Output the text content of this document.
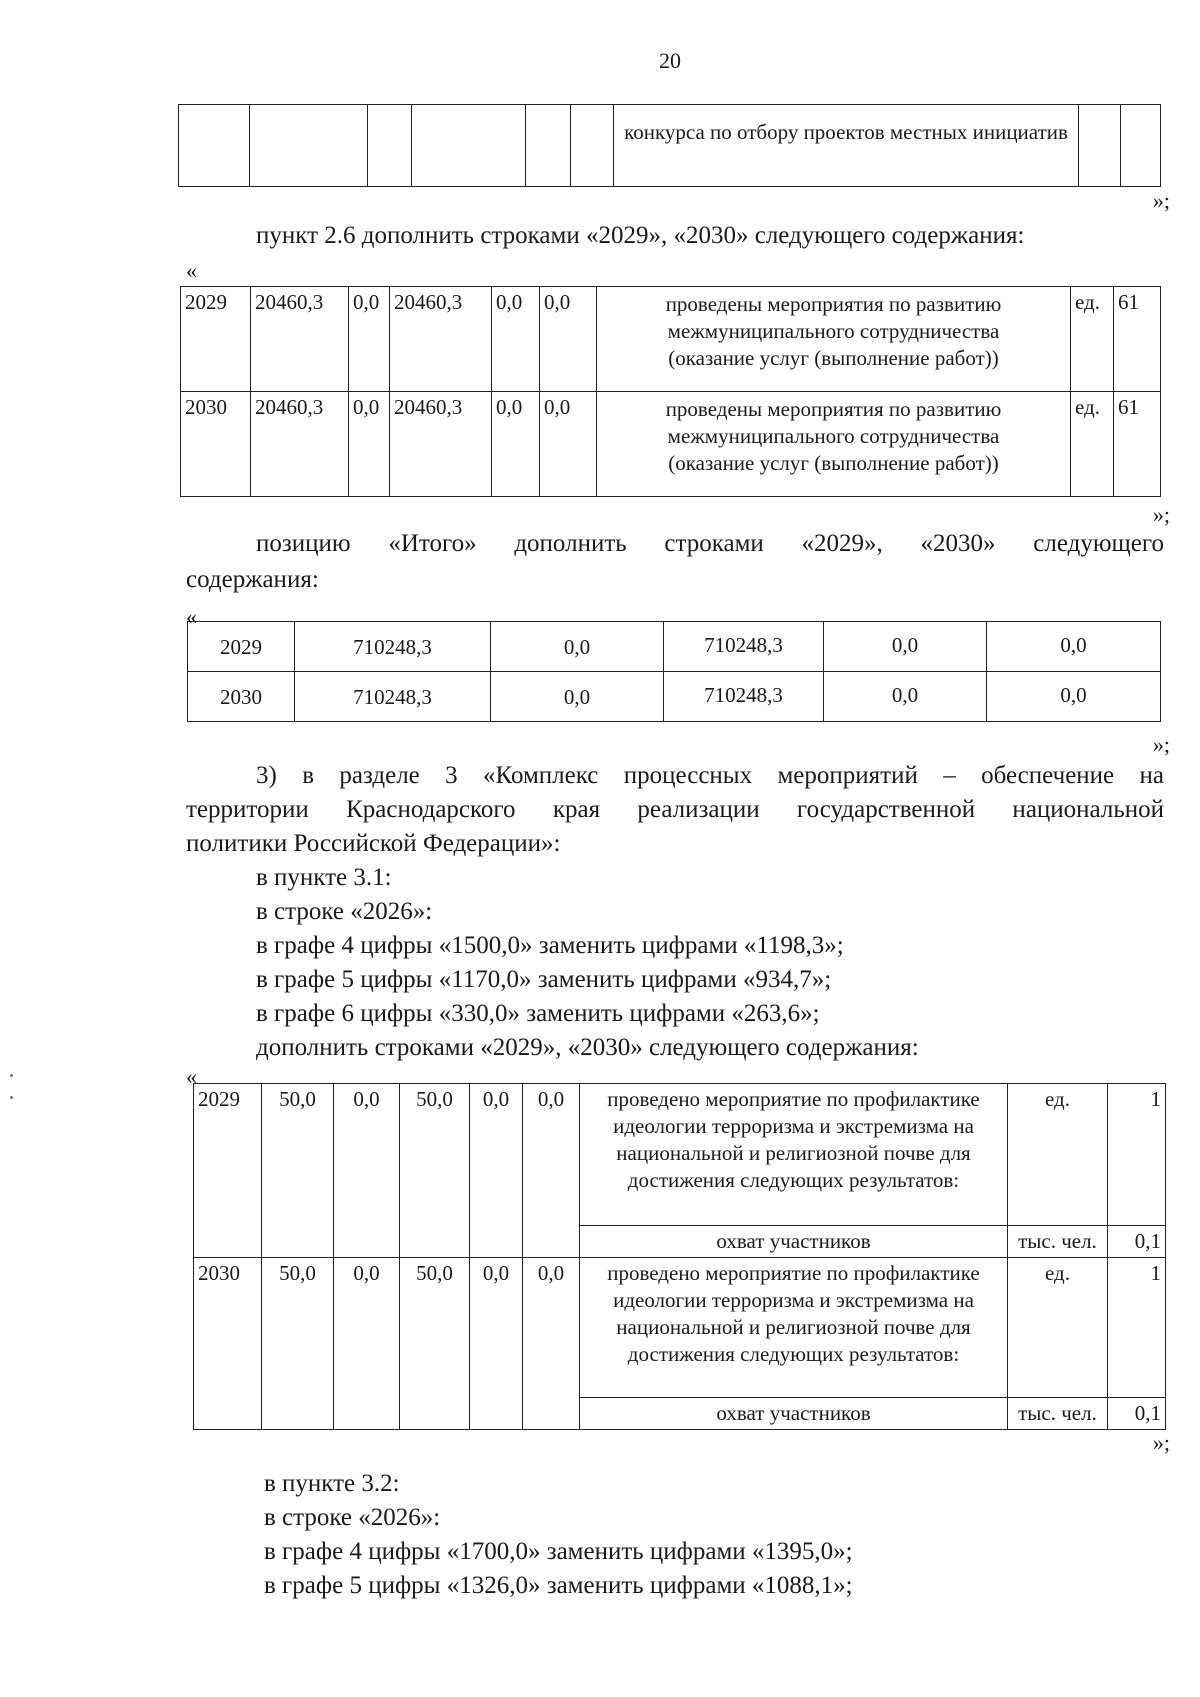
20
						конкурса по отбору проектов местных инициатив		
»;
пункт 2.6 дополнить строками «2029», «2030» следующего содержания:
«
2029	20460,3	0,0	20460,3	0,0	0,0	проведены мероприятия по развитию межмуниципального сотрудничества (оказание услуг (выполнение работ))	ед.	61
2030	20460,3	0,0	20460,3	0,0	0,0	проведены мероприятия по развитию межмуниципального сотрудничества (оказание услуг (выполнение работ))	ед.	61
»;
позицию «Итого» дополнить строками «2029», «2030» следующего
содержания:
«
2029	710248,3	0,0	710248,3	0,0	0,0
2030	710248,3	0,0	710248,3	0,0	0,0
»;
3) в разделе 3 «Комплекс процессных мероприятий – обеспечение на
территории Краснодарского края реализации государственной национальной
политики Российской Федерации»:
в пункте 3.1:
в строке «2026»:
в графе 4 цифры «1500,0» заменить цифрами «1198,3»;
в графе 5 цифры «1170,0» заменить цифрами «934,7»;
в графе 6 цифры «330,0» заменить цифрами «263,6»;
дополнить строками «2029», «2030» следующего содержания:
«
2029	50,0	0,0	50,0	0,0	0,0	проведено мероприятие по профилактике идеологии терроризма и экстремизма на национальной и религиозной почве для достижения следующих результатов:	ед.	1
						охват участников	тыс. чел.	0,1
2030	50,0	0,0	50,0	0,0	0,0	проведено мероприятие по профилактике идеологии терроризма и экстремизма на национальной и религиозной почве для достижения следующих результатов:	ед.	1
						охват участников	тыс. чел.	0,1
»;
в пункте 3.2:
в строке «2026»:
в графе 4 цифры «1700,0» заменить цифрами «1395,0»;
в графе 5 цифры «1326,0» заменить цифрами «1088,1»;
